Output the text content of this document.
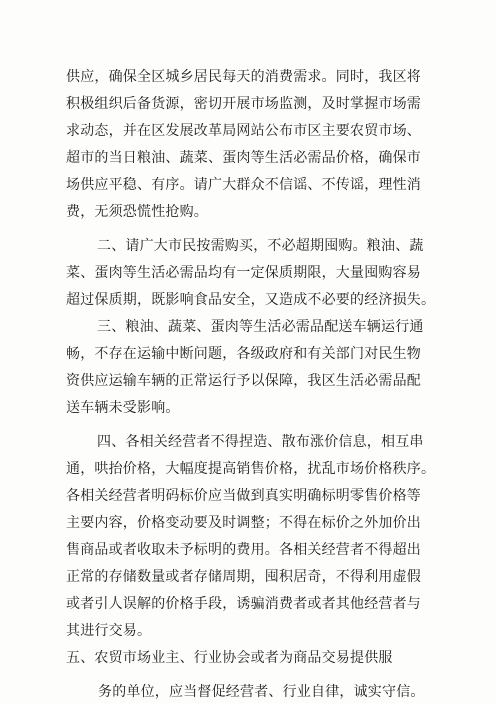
供应，确保全区城乡居民每天的消费需求。同时，我区将
积极组织后备货源，密切开展市场监测，及时掌握市场需
求动态，并在区发展改革局网站公布市区主要农贸市场、
超市的当日粮油、蔬菜、蛋肉等生活必需品价格，确保市
场供应平稳、有序。请广大群众不信谣、不传谣，理性消
费，无须恐慌性抢购。
二、请广大市民按需购买，不必超期囤购。粮油、蔬
菜、蛋肉等生活必需品均有一定保质期限，大量囤购容易
超过保质期，既影响食品安全，又造成不必要的经济损失。
三、粮油、蔬菜、蛋肉等生活必需品配送车辆运行通
畅，不存在运输中断问题，各级政府和有关部门对民生物
资供应运输车辆的正常运行予以保障，我区生活必需品配
送车辆未受影响。
四、各相关经营者不得捏造、散布涨价信息，相互串
通，哄抬价格，大幅度提高销售价格，扰乱市场价格秩序。
各相关经营者明码标价应当做到真实明确标明零售价格等
主要内容，价格变动要及时调整；不得在标价之外加价出
售商品或者收取未予标明的费用。各相关经营者不得超出
正常的存储数量或者存储周期，囤积居奇，不得利用虚假
或者引人误解的价格手段，诱骗消费者或者其他经营者与
其进行交易。
五、农贸市场业主、行业协会或者为商品交易提供服
务的单位，应当督促经营者、行业自律，诚实守信。
